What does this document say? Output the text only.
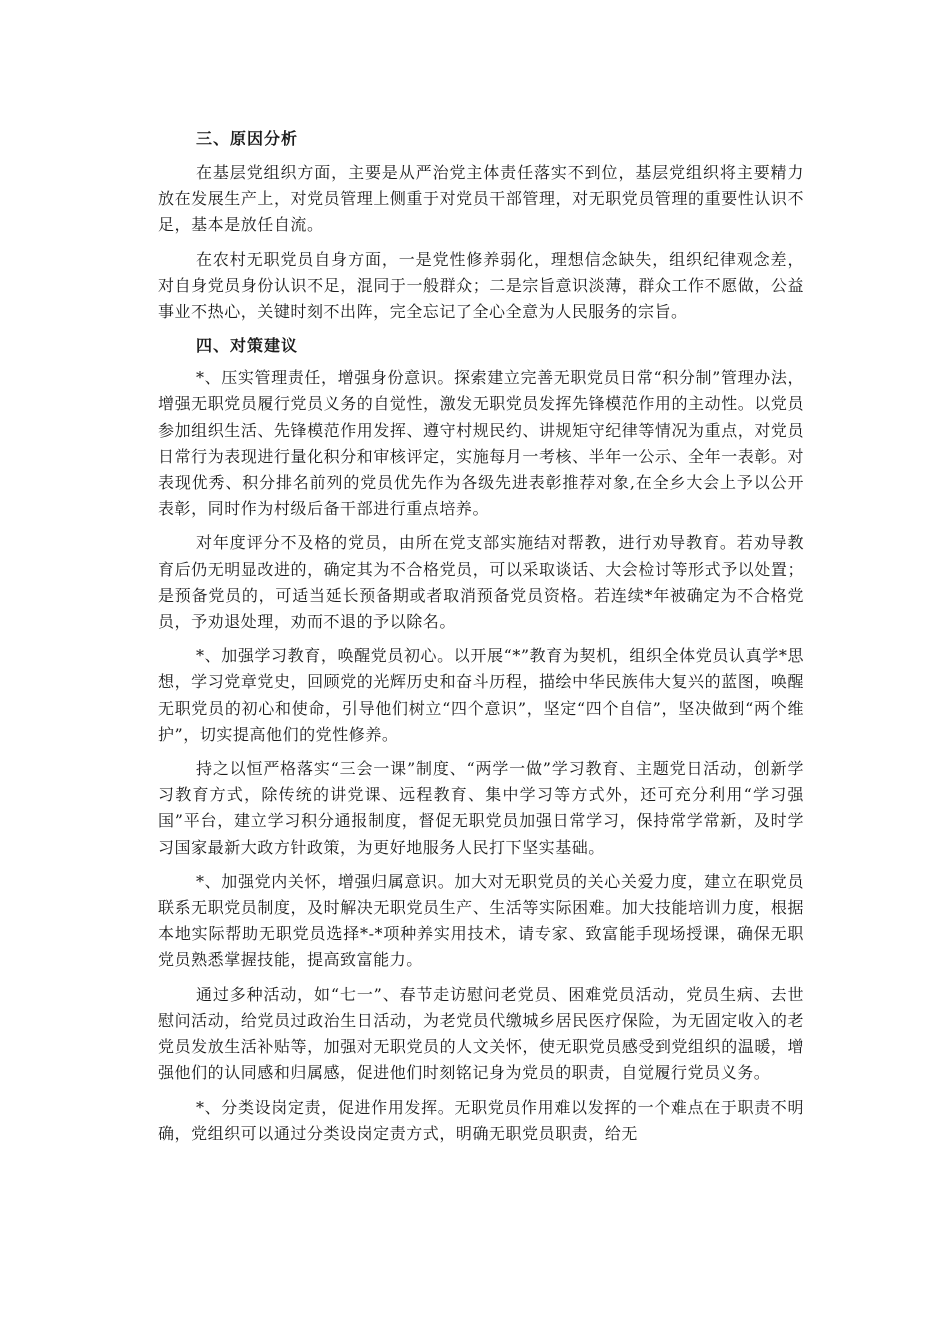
三、原因分析

在基层党组织方面，主要是从严治党主体责任落实不到位，基层党组织将主要精力放在发展生产上，对党员管理上侧重于对党员干部管理，对无职党员管理的重要性认识不足，基本是放任自流。

在农村无职党员自身方面，一是党性修养弱化，理想信念缺失，组织纪律观念差，对自身党员身份认识不足，混同于一般群众；二是宗旨意识淡薄，群众工作不愿做，公益事业不热心，关键时刻不出阵，完全忘记了全心全意为人民服务的宗旨。

四、对策建议

*、压实管理责任，增强身份意识。探索建立完善无职党员日常“积分制”管理办法，增强无职党员履行党员义务的自觉性，激发无职党员发挥先锋模范作用的主动性。以党员参加组织生活、先锋模范作用发挥、遵守村规民约、讲规矩守纪律等情况为重点，对党员日常行为表现进行量化积分和审核评定，实施每月一考核、半年一公示、全年一表彰。对表现优秀、积分排名前列的党员优先作为各级先进表彰推荐对象,在全乡大会上予以公开表彰，同时作为村级后备干部进行重点培养。

对年度评分不及格的党员，由所在党支部实施结对帮教，进行劝导教育。若劝导教育后仍无明显改进的，确定其为不合格党员，可以采取谈话、大会检讨等形式予以处置；是预备党员的，可适当延长预备期或者取消预备党员资格。若连续*年被确定为不合格党员，予劝退处理，劝而不退的予以除名。

*、加强学习教育，唤醒党员初心。以开展“*”教育为契机，组织全体党员认真学*思想，学习党章党史，回顾党的光辉历史和奋斗历程，描绘中华民族伟大复兴的蓝图，唤醒无职党员的初心和使命，引导他们树立“四个意识”，坚定“四个自信”，坚决做到“两个维护”，切实提高他们的党性修养。

持之以恒严格落实“三会一课”制度、“两学一做”学习教育、主题党日活动，创新学习教育方式，除传统的讲党课、远程教育、集中学习等方式外，还可充分利用“学习强国”平台，建立学习积分通报制度，督促无职党员加强日常学习，保持常学常新，及时学习国家最新大政方针政策，为更好地服务人民打下坚实基础。

*、加强党内关怀，增强归属意识。加大对无职党员的关心关爱力度，建立在职党员联系无职党员制度，及时解决无职党员生产、生活等实际困难。加大技能培训力度，根据本地实际帮助无职党员选择*-*项种养实用技术，请专家、致富能手现场授课，确保无职党员熟悉掌握技能，提高致富能力。

通过多种活动，如“七一”、春节走访慰问老党员、困难党员活动，党员生病、去世慰问活动，给党员过政治生日活动，为老党员代缴城乡居民医疗保险，为无固定收入的老党员发放生活补贴等，加强对无职党员的人文关怀，使无职党员感受到党组织的温暖，增强他们的认同感和归属感，促进他们时刻铭记身为党员的职责，自觉履行党员义务。

*、分类设岗定责，促进作用发挥。无职党员作用难以发挥的一个难点在于职责不明确，党组织可以通过分类设岗定责方式，明确无职党员职责，给无
